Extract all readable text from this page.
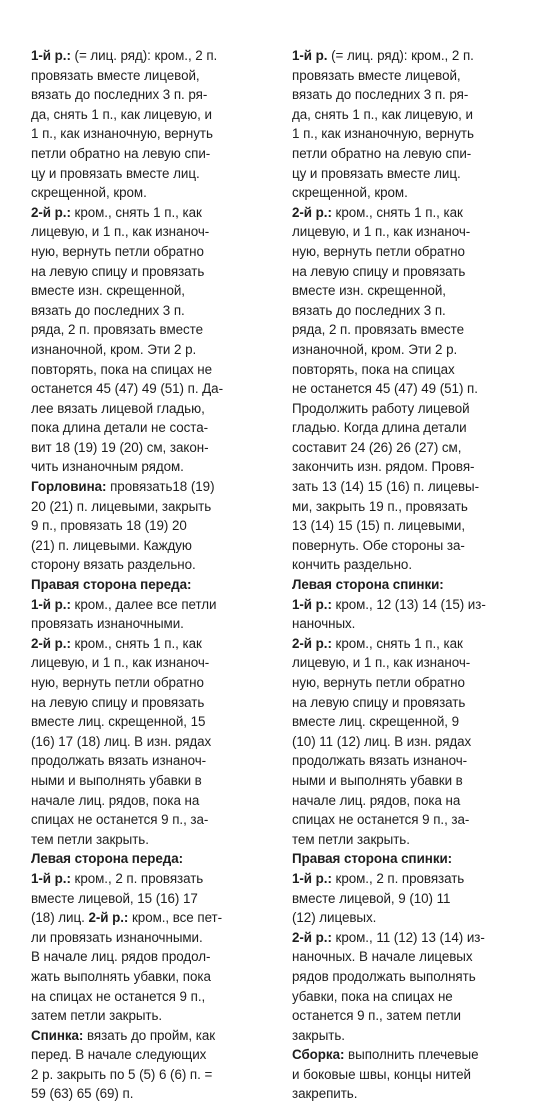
1-й р.: (= лиц. ряд): кром., 2 п.
провязать вместе лицевой,
вязать до последних 3 п. ря-
да, снять 1 п., как лицевую, и
1 п., как изнаночную, вернуть
петли обратно на левую спи-
цу и провязать вместе лиц.
скрещенной, кром.
2-й р.: кром., снять 1 п., как
лицевую, и 1 п., как изнаноч-
ную, вернуть петли обратно
на левую спицу и провязать
вместе изн. скрещенной,
вязать до последних 3 п.
ряда, 2 п. провязать вместе
изнаночной, кром. Эти 2 р.
повторять, пока на спицах не
останется 45 (47) 49 (51) п. Да-
лее вязать лицевой гладью,
пока длина детали не соста-
вит 18 (19) 19 (20) см, закон-
чить изнаночным рядом.
Горловина: провязать18 (19)
20 (21) п. лицевыми, закрыть
9 п., провязать 18 (19) 20
(21) п. лицевыми. Каждую
сторону вязать раздельно.
Правая сторона переда:
1-й р.: кром., далее все петли
провязать изнаночными.
2-й р.: кром., снять 1 п., как
лицевую, и 1 п., как изнаноч-
ную, вернуть петли обратно
на левую спицу и провязать
вместе лиц. скрещенной, 15
(16) 17 (18) лиц. В изн. рядах
продолжать вязать изнаноч-
ными и выполнять убавки в
начале лиц. рядов, пока на
спицах не останется 9 п., за-
тем петли закрыть.
Левая сторона переда:
1-й р.: кром., 2 п. провязать
вместе лицевой, 15 (16) 17
(18) лиц. 2-й р.: кром., все пет-
ли провязать изнаночными.
В начале лиц. рядов продол-
жать выполнять убавки, пока
на спицах не останется 9 п.,
затем петли закрыть.
Спинка: вязать до пройм, как
перед. В начале следующих
2 р. закрыть по 5 (5) 6 (6) п. =
59 (63) 65 (69) п.
1-й р. (= лиц. ряд): кром., 2 п.
провязать вместе лицевой,
вязать до последних 3 п. ря-
да, снять 1 п., как лицевую, и
1 п., как изнаночную, вернуть
петли обратно на левую спи-
цу и провязать вместе лиц.
скрещенной, кром.
2-й р.: кром., снять 1 п., как
лицевую, и 1 п., как изнаноч-
ную, вернуть петли обратно
на левую спицу и провязать
вместе изн. скрещенной,
вязать до последних 3 п.
ряда, 2 п. провязать вместе
изнаночной, кром. Эти 2 р.
повторять, пока на спицах
не останется 45 (47) 49 (51) п.
Продолжить работу лицевой
гладью. Когда длина детали
составит 24 (26) 26 (27) см,
закончить изн. рядом. Провя-
зать 13 (14) 15 (16) п. лицевы-
ми, закрыть 19 п., провязать
13 (14) 15 (15) п. лицевыми,
повернуть. Обе стороны за-
кончить раздельно.
Левая сторона спинки:
1-й р.: кром., 12 (13) 14 (15) из-
наночных.
2-й р.: кром., снять 1 п., как
лицевую, и 1 п., как изнаноч-
ную, вернуть петли обратно
на левую спицу и провязать
вместе лиц. скрещенной, 9
(10) 11 (12) лиц. В изн. рядах
продолжать вязать изнаноч-
ными и выполнять убавки в
начале лиц. рядов, пока на
спицах не останется 9 п., за-
тем петли закрыть.
Правая сторона спинки:
1-й р.: кром., 2 п. провязать
вместе лицевой, 9 (10) 11
(12) лицевых.
2-й р.: кром., 11 (12) 13 (14) из-
наночных. В начале лицевых
рядов продолжать выполнять
убавки, пока на спицах не
останется 9 п., затем петли
закрыть.
Сборка: выполнить плечевые
и боковые швы, концы нитей
закрепить.
